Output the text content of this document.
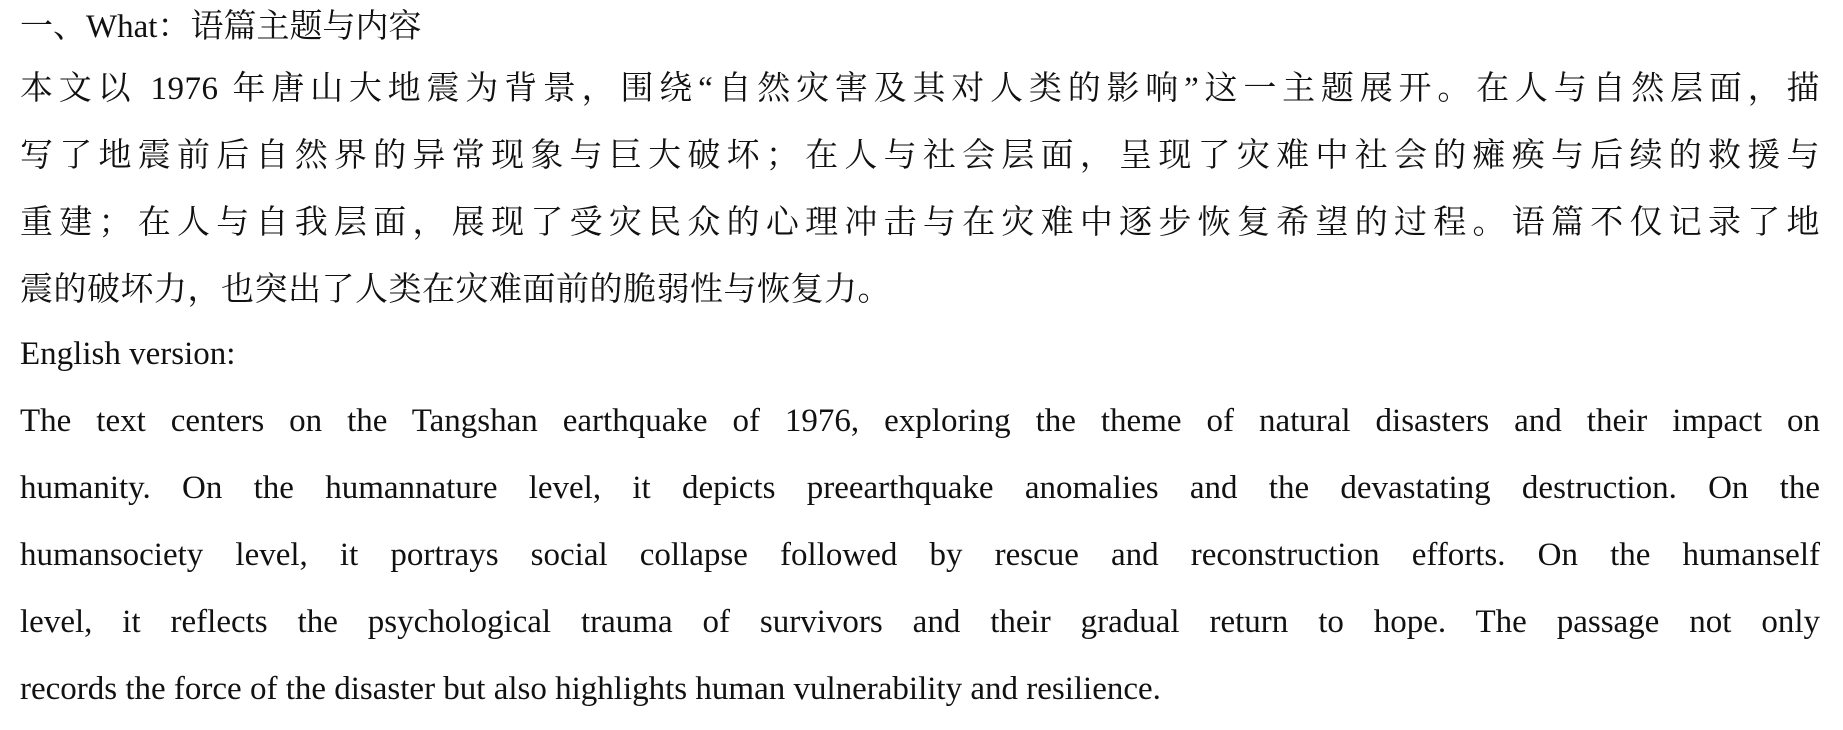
一、What：语篇主题与内容
本文以 1976 年唐山大地震为背景，围绕“自然灾害及其对人类的影响”这一主题展开。在人与自然层面，描
写了地震前后自然界的异常现象与巨大破坏；在人与社会层面，呈现了灾难中社会的瘫痪与后续的救援与
重建；在人与自我层面，展现了受灾民众的心理冲击与在灾难中逐步恢复希望的过程。语篇不仅记录了地
震的破坏力，也突出了人类在灾难面前的脆弱性与恢复力。
English version:
The text centers on the Tangshan earthquake of 1976, exploring the theme of natural disasters and their impact on
humanity. On the humannature level, it depicts preearthquake anomalies and the devastating destruction. On the
humansociety level, it portrays social collapse followed by rescue and reconstruction efforts. On the humanself
level, it reflects the psychological trauma of survivors and their gradual return to hope. The passage not only
records the force of the disaster but also highlights human vulnerability and resilience.
